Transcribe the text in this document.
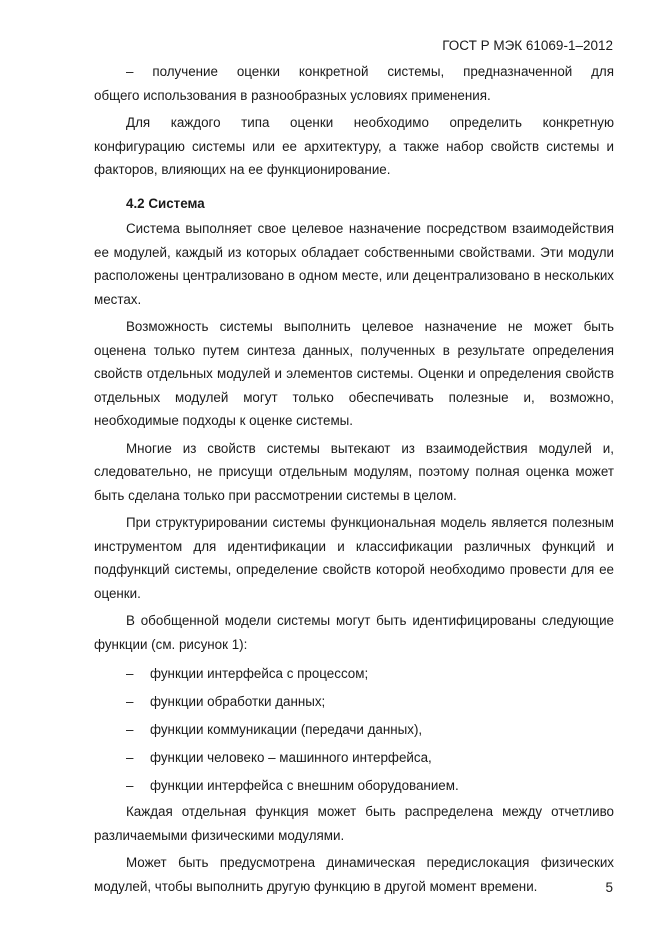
ГОСТ Р МЭК 61069-1–2012

–   получение   оценки   конкретной   системы,   предназначенной   для общего использования в разнообразных условиях применения.

Для    каждого    типа    оценки    необходимо    определить    конкретную конфигурацию системы или ее архитектуру, а также набор свойств системы и факторов, влияющих на ее функционирование.

4.2 Система

Система выполняет свое целевое назначение посредством взаимодействия ее модулей, каждый из которых обладает собственными свойствами. Эти модули расположены централизовано в одном месте, или децентрализовано в нескольких местах.

Возможность системы выполнить целевое назначение не может быть оценена только путем синтеза данных, полученных в результате определения свойств отдельных модулей и элементов системы. Оценки и определения свойств отдельных модулей могут только обеспечивать полезные и, возможно, необходимые подходы к оценке системы.

Многие из свойств системы вытекают из взаимодействия модулей и, следовательно, не присущи отдельным модулям, поэтому полная оценка может быть сделана только при рассмотрении системы в целом.

При структурировании системы функциональная модель является полезным инструментом для идентификации и классификации различных функций и подфункций системы, определение свойств которой необходимо провести для ее оценки.

В обобщенной модели системы могут быть идентифицированы следующие функции (см. рисунок 1):

– функции интерфейса с процессом;
– функции обработки данных;
– функции коммуникации (передачи данных),
– функции человеко – машинного интерфейса,
– функции интерфейса с внешним оборудованием.

Каждая отдельная функция может быть распределена между отчетливо различаемыми физическими модулями.

Может быть предусмотрена динамическая передислокация физических модулей, чтобы выполнить другую функцию в другой момент времени.	5
